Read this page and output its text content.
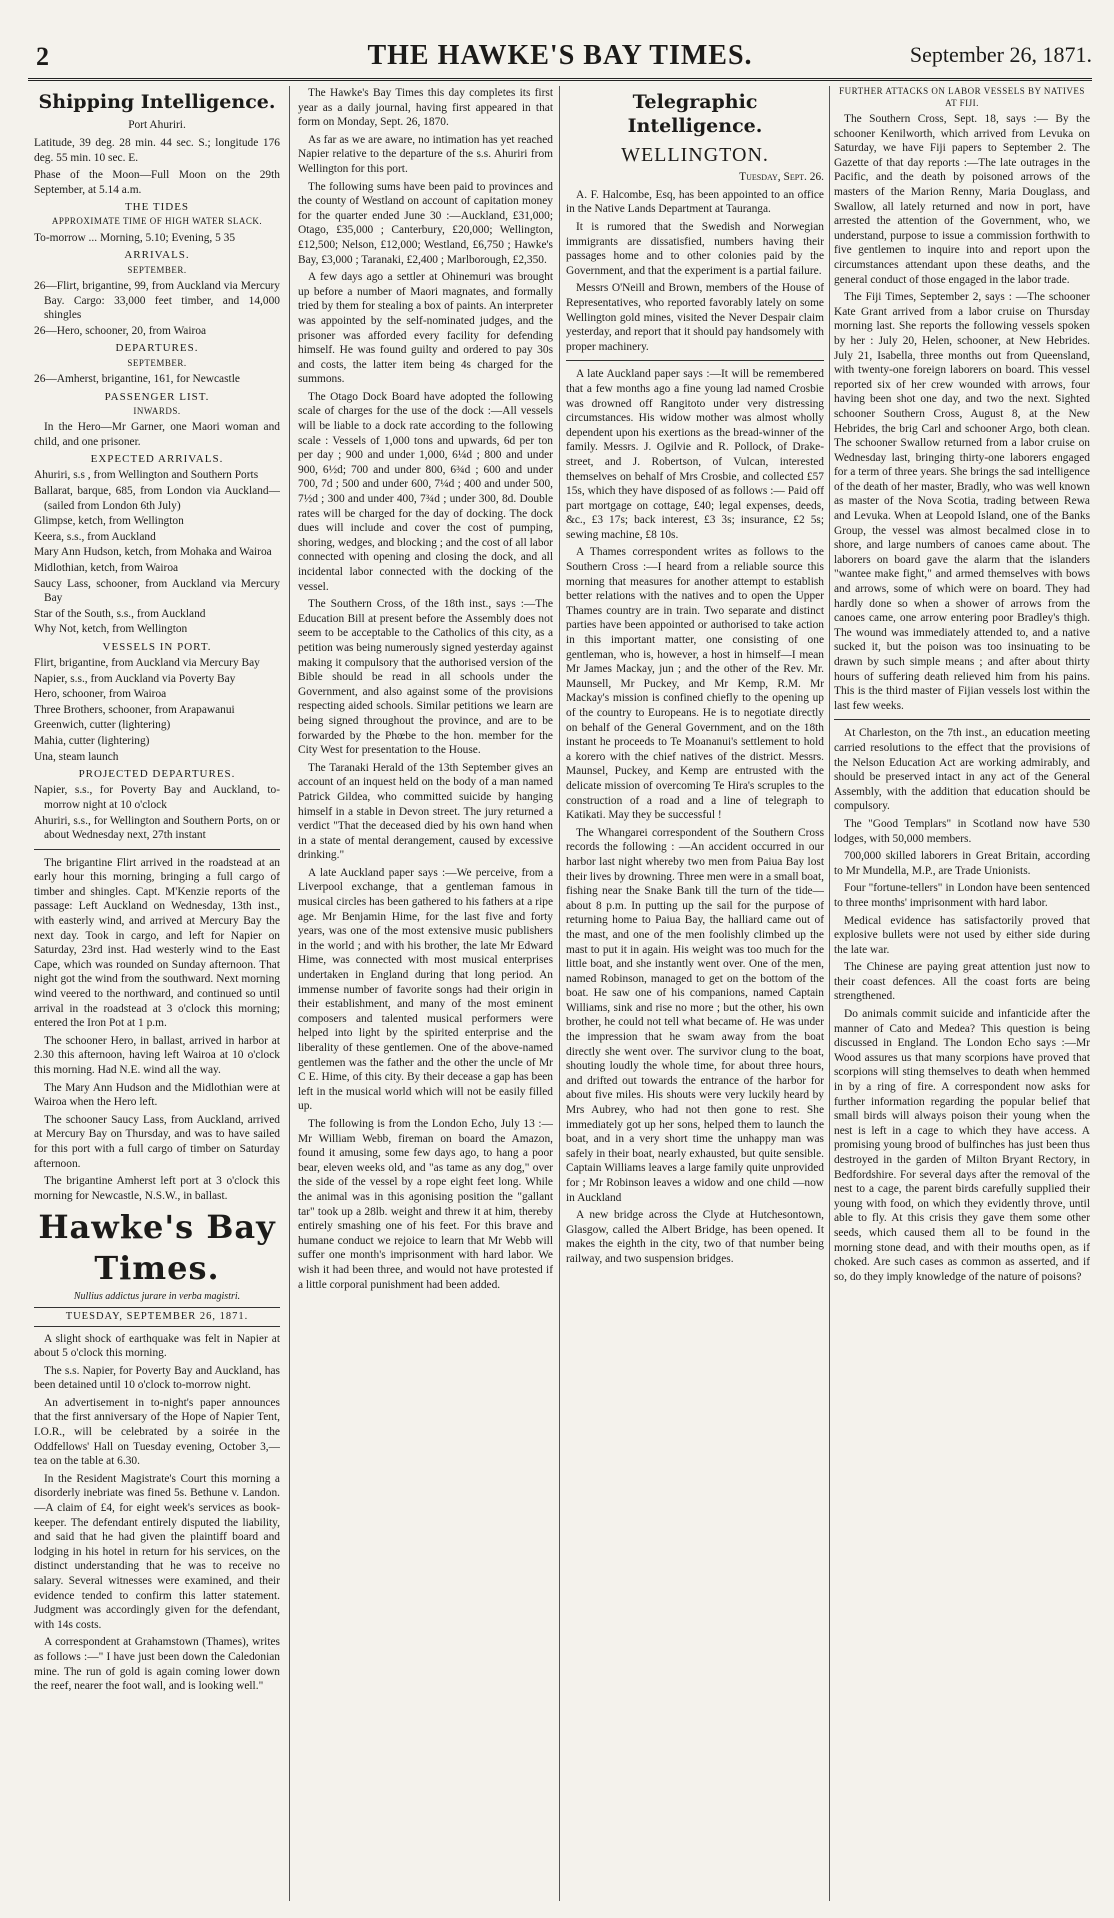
2	THE HAWKE'S BAY TIMES.	September 26, 1871.
Shipping Intelligence.

Port Ahuriri.

Latitude, 39 deg. 28 min. 44 sec. S.; longitude 176 deg. 55 min. 10 sec. E.

Phase of the Moon—Full Moon on the 29th September, at 5.14 a.m.

THE TIDES

APPROXIMATE TIME OF HIGH WATER SLACK.

To-morrow ... Morning, 5.10; Evening, 5 35

ARRIVALS.

SEPTEMBER.

26—Flirt, brigantine, 99, from Auckland via Mercury Bay. Cargo: 33,000 feet timber, and 14,000 shingles

26—Hero, schooner, 20, from Wairoa

DEPARTURES.

SEPTEMBER.

26—Amherst, brigantine, 161, for Newcastle

PASSENGER LIST.

INWARDS.

In the Hero—Mr Garner, one Maori woman and child, and one prisoner.

EXPECTED ARRIVALS.

Ahuriri, s.s , from Wellington and Southern Ports

Ballarat, barque, 685, from London via Auckland—(sailed from London 6th July)

Glimpse, ketch, from Wellington

Keera, s.s., from Auckland

Mary Ann Hudson, ketch, from Mohaka and Wairoa

Midlothian, ketch, from Wairoa

Saucy Lass, schooner, from Auckland via Mercury Bay

Star of the South, s.s., from Auckland

Why Not, ketch, from Wellington

VESSELS IN PORT.

Flirt, brigantine, from Auckland via Mercury Bay

Napier, s.s., from Auckland via Poverty Bay

Hero, schooner, from Wairoa

Three Brothers, schooner, from Arapawanui

Greenwich, cutter (lightering)

Mahia, cutter (lightering)

Una, steam launch

PROJECTED DEPARTURES.

Napier, s.s., for Poverty Bay and Auckland, to-morrow night at 10 o'clock

Ahuriri, s.s., for Wellington and Southern Ports, on or about Wednesday next, 27th instant

The brigantine Flirt arrived in the roadstead at an early hour this morning, bringing a full cargo of timber and shingles. Capt. M'Kenzie reports of the passage: Left Auckland on Wednesday, 13th inst., with easterly wind, and arrived at Mercury Bay the next day. Took in cargo, and left for Napier on Saturday, 23rd inst. Had westerly wind to the East Cape, which was rounded on Sunday afternoon. That night got the wind from the southward. Next morning wind veered to the northward, and continued so until arrival in the roadstead at 3 o'clock this morning; entered the Iron Pot at 1 p.m.

The schooner Hero, in ballast, arrived in harbor at 2.30 this afternoon, having left Wairoa at 10 o'clock this morning. Had N.E. wind all the way.

The Mary Ann Hudson and the Midlothian were at Wairoa when the Hero left.

The schooner Saucy Lass, from Auckland, arrived at Mercury Bay on Thursday, and was to have sailed for this port with a full cargo of timber on Saturday afternoon.

The brigantine Amherst left port at 3 o'clock this morning for Newcastle, N.S.W., in ballast.

Hawke's Bay Times.
Nullius addictus jurare in verba magistri.
TUESDAY, SEPTEMBER 26, 1871.

A slight shock of earthquake was felt in Napier at about 5 o'clock this morning.

The s.s. Napier, for Poverty Bay and Auckland, has been detained until 10 o'clock to-morrow night.

An advertisement in to-night's paper announces that the first anniversary of the Hope of Napier Tent, I.O.R., will be celebrated by a soirée in the Oddfellows' Hall on Tuesday evening, October 3,—tea on the table at 6.30.

In the Resident Magistrate's Court this morning a disorderly inebriate was fined 5s. Bethune v. Landon.—A claim of £4, for eight week's services as book-keeper. The defendant entirely disputed the liability, and said that he had given the plaintiff board and lodging in his hotel in return for his services, on the distinct understanding that he was to receive no salary. Several witnesses were examined, and their evidence tended to confirm this latter statement. Judgment was accordingly given for the defendant, with 14s costs.

A correspondent at Grahamstown (Thames), writes as follows :—" I have just been down the Caledonian mine. The run of gold is again coming lower down the reef, nearer the foot wall, and is looking well."

The Hawke's Bay Times this day completes its first year as a daily journal, having first appeared in that form on Monday, Sept. 26, 1870.

As far as we are aware, no intimation has yet reached Napier relative to the departure of the s.s. Ahuriri from Wellington for this port.

The following sums have been paid to provinces and the county of Westland on account of capitation money for the quarter ended June 30 :—Auckland, £31,000; Otago, £35,000 ; Canterbury, £20,000; Wellington, £12,500; Nelson, £12,000; Westland, £6,750 ; Hawke's Bay, £3,000 ; Taranaki, £2,400 ; Marlborough, £2,350.

A few days ago a settler at Ohinemuri was brought up before a number of Maori magnates, and formally tried by them for stealing a box of paints. An interpreter was appointed by the self-nominated judges, and the prisoner was afforded every facility for defending himself. He was found guilty and ordered to pay 30s and costs, the latter item being 4s charged for the summons.

The Otago Dock Board have adopted the following scale of charges for the use of the dock :—All vessels will be liable to a dock rate according to the following scale : Vessels of 1,000 tons and upwards, 6d per ton per day ; 900 and under 1,000, 6¼d ; 800 and under 900, 6½d; 700 and under 800, 6¾d ; 600 and under 700, 7d ; 500 and under 600, 7¼d ; 400 and under 500, 7½d ; 300 and under 400, 7¾d ; under 300, 8d. Double rates will be charged for the day of docking. The dock dues will include and cover the cost of pumping, shoring, wedges, and blocking ; and the cost of all labor connected with opening and closing the dock, and all incidental labor connected with the docking of the vessel.

The Southern Cross, of the 18th inst., says :—The Education Bill at present before the Assembly does not seem to be acceptable to the Catholics of this city, as a petition was being numerously signed yesterday against making it compulsory that the authorised version of the Bible should be read in all schools under the Government, and also against some of the provisions respecting aided schools. Similar petitions we learn are being signed throughout the province, and are to be forwarded by the Phœbe to the hon. member for the City West for presentation to the House.

The Taranaki Herald of the 13th September gives an account of an inquest held on the body of a man named Patrick Gildea, who committed suicide by hanging himself in a stable in Devon street. The jury returned a verdict "That the deceased died by his own hand when in a state of mental derangement, caused by excessive drinking."

A late Auckland paper says :—We perceive, from a Liverpool exchange, that a gentleman famous in musical circles has been gathered to his fathers at a ripe age. Mr Benjamin Hime, for the last five and forty years, was one of the most extensive music publishers in the world ; and with his brother, the late Mr Edward Hime, was connected with most musical enterprises undertaken in England during that long period. An immense number of favorite songs had their origin in their establishment, and many of the most eminent composers and talented musical performers were helped into light by the spirited enterprise and the liberality of these gentlemen. One of the above-named gentlemen was the father and the other the uncle of Mr C E. Hime, of this city. By their decease a gap has been left in the musical world which will not be easily filled up.

The following is from the London Echo, July 13 :—Mr William Webb, fireman on board the Amazon, found it amusing, some few days ago, to hang a poor bear, eleven weeks old, and "as tame as any dog," over the side of the vessel by a rope eight feet long. While the animal was in this agonising position the "gallant tar" took up a 28lb. weight and threw it at him, thereby entirely smashing one of his feet. For this brave and humane conduct we rejoice to learn that Mr Webb will suffer one month's imprisonment with hard labor. We wish it had been three, and would not have protested if a little corporal punishment had been added.

Telegraphic Intelligence.
WELLINGTON.

Tuesday, Sept. 26.

A. F. Halcombe, Esq, has been appointed to an office in the Native Lands Department at Tauranga.

It is rumored that the Swedish and Norwegian immigrants are dissatisfied, numbers having their passages home and to other colonies paid by the Government, and that the experiment is a partial failure.

Messrs O'Neill and Brown, members of the House of Representatives, who reported favorably lately on some Wellington gold mines, visited the Never Despair claim yesterday, and report that it should pay handsomely with proper machinery.

A late Auckland paper says :—It will be remembered that a few months ago a fine young lad named Crosbie was drowned off Rangitoto under very distressing circumstances. His widow mother was almost wholly dependent upon his exertions as the bread-winner of the family. Messrs. J. Ogilvie and R. Pollock, of Drake-street, and J. Robertson, of Vulcan, interested themselves on behalf of Mrs Crosbie, and collected £57 15s, which they have disposed of as follows :— Paid off part mortgage on cottage, £40; legal expenses, deeds, &c., £3 17s; back interest, £3 3s; insurance, £2 5s; sewing machine, £8 10s.

A Thames correspondent writes as follows to the Southern Cross :—I heard from a reliable source this morning that measures for another attempt to establish better relations with the natives and to open the Upper Thames country are in train. Two separate and distinct parties have been appointed or authorised to take action in this important matter, one consisting of one gentleman, who is, however, a host in himself—I mean Mr James Mackay, jun ; and the other of the Rev. Mr. Maunsell, Mr Puckey, and Mr Kemp, R.M. Mr Mackay's mission is confined chiefly to the opening up of the country to Europeans. He is to negotiate directly on behalf of the General Government, and on the 18th instant he proceeds to Te Moananui's settlement to hold a korero with the chief natives of the district. Messrs. Maunsel, Puckey, and Kemp are entrusted with the delicate mission of overcoming Te Hira's scruples to the construction of a road and a line of telegraph to Katikati. May they be successful !

The Whangarei correspondent of the Southern Cross records the following : —An accident occurred in our harbor last night whereby two men from Paiua Bay lost their lives by drowning. Three men were in a small boat, fishing near the Snake Bank till the turn of the tide—about 8 p.m. In putting up the sail for the purpose of returning home to Paiua Bay, the halliard came out of the mast, and one of the men foolishly climbed up the mast to put it in again. His weight was too much for the little boat, and she instantly went over. One of the men, named Robinson, managed to get on the bottom of the boat. He saw one of his companions, named Captain Williams, sink and rise no more ; but the other, his own brother, he could not tell what became of. He was under the impression that he swam away from the boat directly she went over. The survivor clung to the boat, shouting loudly the whole time, for about three hours, and drifted out towards the entrance of the harbor for about five miles. His shouts were very luckily heard by Mrs Aubrey, who had not then gone to rest. She immediately got up her sons, helped them to launch the boat, and in a very short time the unhappy man was safely in their boat, nearly exhausted, but quite sensible. Captain Williams leaves a large family quite unprovided for ; Mr Robinson leaves a widow and one child —now in Auckland

A new bridge across the Clyde at Hutchesontown, Glasgow, called the Albert Bridge, has been opened. It makes the eighth in the city, two of that number being railway, and two suspension bridges.

FURTHER ATTACKS ON LABOR VESSELS BY NATIVES AT FIJI.

The Southern Cross, Sept. 18, says :— By the schooner Kenilworth, which arrived from Levuka on Saturday, we have Fiji papers to September 2. The Gazette of that day reports :—The late outrages in the Pacific, and the death by poisoned arrows of the masters of the Marion Renny, Maria Douglass, and Swallow, all lately returned and now in port, have arrested the attention of the Government, who, we understand, purpose to issue a commission forthwith to five gentlemen to inquire into and report upon the circumstances attendant upon these deaths, and the general conduct of those engaged in the labor trade.

The Fiji Times, September 2, says : —The schooner Kate Grant arrived from a labor cruise on Thursday morning last. She reports the following vessels spoken by her : July 20, Helen, schooner, at New Hebrides. July 21, Isabella, three months out from Queensland, with twenty-one foreign laborers on board. This vessel reported six of her crew wounded with arrows, four having been shot one day, and two the next. Sighted schooner Southern Cross, August 8, at the New Hebrides, the brig Carl and schooner Argo, both clean. The schooner Swallow returned from a labor cruise on Wednesday last, bringing thirty-one laborers engaged for a term of three years. She brings the sad intelligence of the death of her master, Bradly, who was well known as master of the Nova Scotia, trading between Rewa and Levuka. When at Leopold Island, one of the Banks Group, the vessel was almost becalmed close in to shore, and large numbers of canoes came about. The laborers on board gave the alarm that the islanders "wantee make fight," and armed themselves with bows and arrows, some of which were on board. They had hardly done so when a shower of arrows from the canoes came, one arrow entering poor Bradley's thigh. The wound was immediately attended to, and a native sucked it, but the poison was too insinuating to be drawn by such simple means ; and after about thirty hours of suffering death relieved him from his pains. This is the third master of Fijian vessels lost within the last few weeks.

At Charleston, on the 7th inst., an education meeting carried resolutions to the effect that the provisions of the Nelson Education Act are working admirably, and should be preserved intact in any act of the General Assembly, with the addition that education should be compulsory.

The "Good Templars" in Scotland now have 530 lodges, with 50,000 members.

700,000 skilled laborers in Great Britain, according to Mr Mundella, M.P., are Trade Unionists.

Four "fortune-tellers" in London have been sentenced to three months' imprisonment with hard labor.

Medical evidence has satisfactorily proved that explosive bullets were not used by either side during the late war.

The Chinese are paying great attention just now to their coast defences. All the coast forts are being strengthened.

Do animals commit suicide and infanticide after the manner of Cato and Medea? This question is being discussed in England. The London Echo says :—Mr Wood assures us that many scorpions have proved that scorpions will sting themselves to death when hemmed in by a ring of fire. A correspondent now asks for further information regarding the popular belief that small birds will always poison their young when the nest is left in a cage to which they have access. A promising young brood of bulfinches has just been thus destroyed in the garden of Milton Bryant Rectory, in Bedfordshire. For several days after the removal of the nest to a cage, the parent birds carefully supplied their young with food, on which they evidently throve, until able to fly. At this crisis they gave them some other seeds, which caused them all to be found in the morning stone dead, and with their mouths open, as if choked. Are such cases as common as asserted, and if so, do they imply knowledge of the nature of poisons?
